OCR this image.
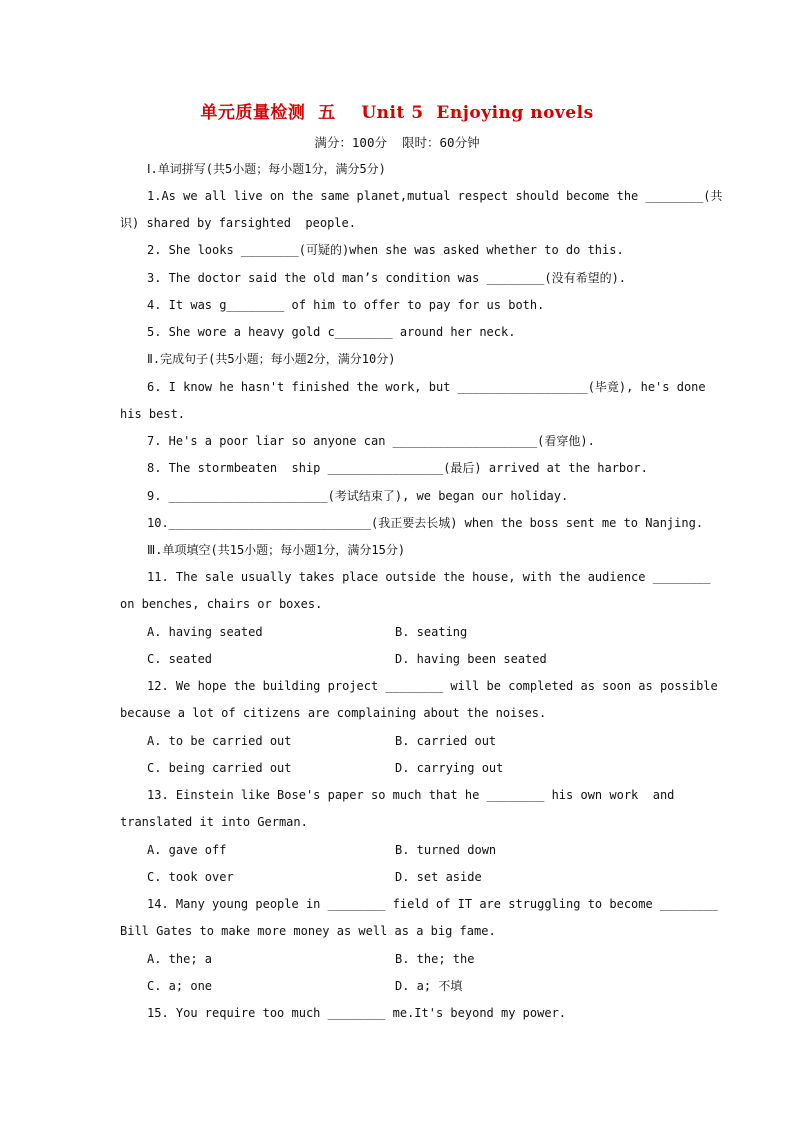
单元质量检测  五    Unit 5  Enjoying novels
满分：100分  限时：60分钟
Ⅰ.单词拼写(共5小题；每小题1分，满分5分)
1.As we all live on the same planet,mutual respect should become the ________(共
识) shared by farsighted  people.
2. She looks ________(可疑的)when she was asked whether to do this.
3. The doctor said the old man’s condition was ________(没有希望的).
4. It was g________ of him to offer to pay for us both.
5. She wore a heavy gold c________ around her neck.
Ⅱ.完成句子(共5小题；每小题2分，满分10分)
6. I know he hasn't finished the work, but __________________(毕竟), he's done
his best.
7. He's a poor liar so anyone can ____________________(看穿他).
8. The stormbeaten  ship ________________(最后) arrived at the harbor.
9. ______________________(考试结束了), we began our holiday.
10.____________________________(我正要去长城) when the boss sent me to Nanjing.
Ⅲ.单项填空(共15小题；每小题1分，满分15分)
11. The sale usually takes place outside the house, with the audience ________
on benches, chairs or boxes.
A. having seated	B. seating
C. seated	D. having been seated
12. We hope the building project ________ will be completed as soon as possible
because a lot of citizens are complaining about the noises.
A. to be carried out	B. carried out
C. being carried out	D. carrying out
13. Einstein like Bose's paper so much that he ________ his own work  and
translated it into German.
A. gave off	B. turned down
C. took over	D. set aside
14. Many young people in ________ field of IT are struggling to become ________
Bill Gates to make more money as well as a big fame.
A. the; a	B. the; the
C. a; one	D. a; 不填
15. You require too much ________ me.It's beyond my power.
